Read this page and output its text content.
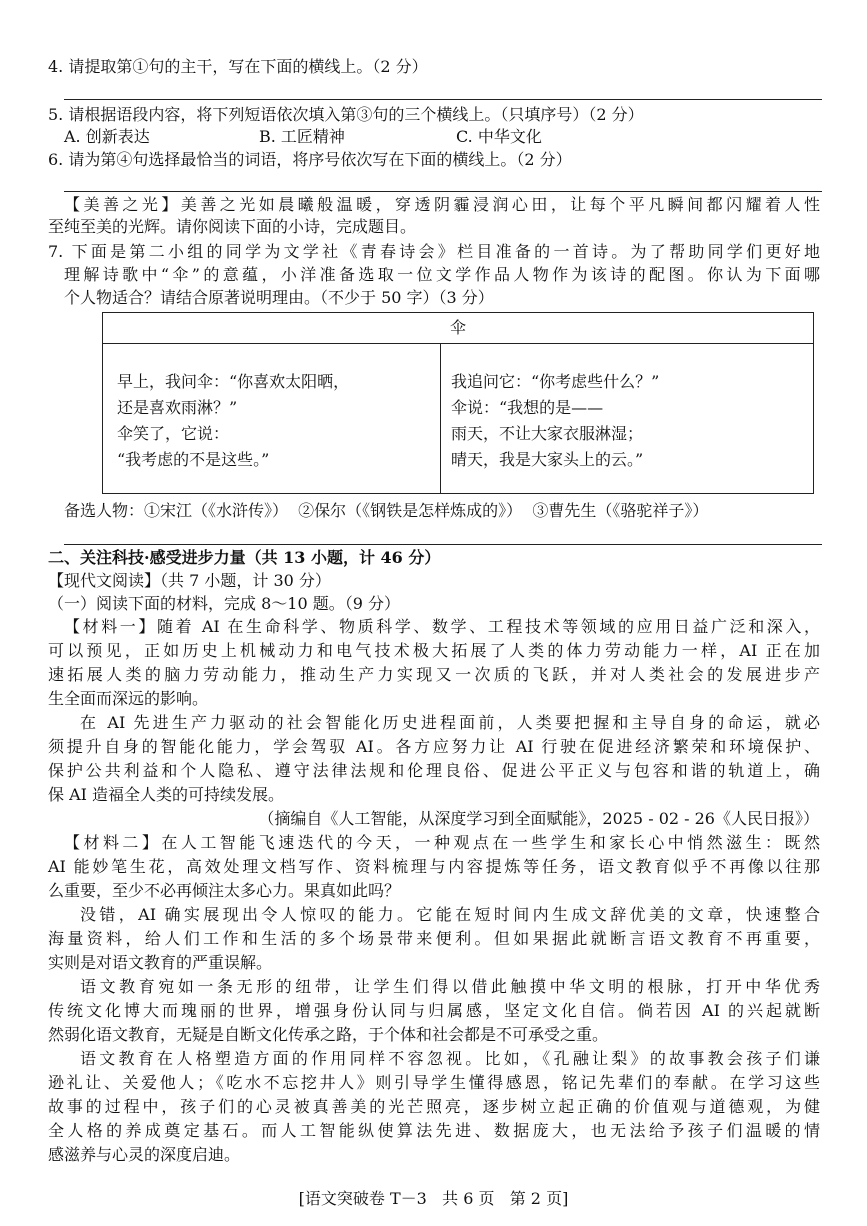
4. 请提取第①句的主干，写在下面的横线上。（2 分）
5. 请根据语段内容，将下列短语依次填入第③句的三个横线上。（只填序号）（2 分）
A. 创新表达	B. 工匠精神	C. 中华文化
6. 请为第④句选择最恰当的词语，将序号依次写在下面的横线上。（2 分）
【美善之光】美善之光如晨曦般温暖，穿透阴霾浸润心田，让每个平凡瞬间都闪耀着人性
至纯至美的光辉。请你阅读下面的小诗，完成题目。
7. 下面是第二小组的同学为文学社《青春诗会》栏目准备的一首诗。为了帮助同学们更好地
理解诗歌中“伞”的意蕴，小洋准备选取一位文学作品人物作为该诗的配图。你认为下面哪
个人物适合？请结合原著说明理由。（不少于 50 字）（3 分）
伞
早上，我问伞：“你喜欢太阳晒，
还是喜欢雨淋？”
伞笑了，它说：
“我考虑的不是这些。”
我追问它：“你考虑些什么？”
伞说：“我想的是——
雨天，不让大家衣服淋湿；
晴天，我是大家头上的云。”
备选人物：①宋江（《水浒传》）  ②保尔（《钢铁是怎样炼成的》）  ③曹先生（《骆驼祥子》）
二、关注科技·感受进步力量（共 13 小题，计 46 分）
【现代文阅读】（共 7 小题，计 30 分）
（一）阅读下面的材料，完成 8～10 题。（9 分）
【材料一】随着 AI 在生命科学、物质科学、数学、工程技术等领域的应用日益广泛和深入，
可以预见，正如历史上机械动力和电气技术极大拓展了人类的体力劳动能力一样，AI 正在加
速拓展人类的脑力劳动能力，推动生产力实现又一次质的飞跃，并对人类社会的发展进步产
生全面而深远的影响。
在 AI 先进生产力驱动的社会智能化历史进程面前，人类要把握和主导自身的命运，就必
须提升自身的智能化能力，学会驾驭 AI。各方应努力让 AI 行驶在促进经济繁荣和环境保护、
保护公共利益和个人隐私、遵守法律法规和伦理良俗、促进公平正义与包容和谐的轨道上，确
保 AI 造福全人类的可持续发展。
（摘编自《人工智能，从深度学习到全面赋能》，2025 - 02 - 26《人民日报》）
【材料二】在人工智能飞速迭代的今天，一种观点在一些学生和家长心中悄然滋生：既然
AI 能妙笔生花，高效处理文档写作、资料梳理与内容提炼等任务，语文教育似乎不再像以往那
么重要，至少不必再倾注太多心力。果真如此吗？
没错，AI 确实展现出令人惊叹的能力。它能在短时间内生成文辞优美的文章，快速整合
海量资料，给人们工作和生活的多个场景带来便利。但如果据此就断言语文教育不再重要，
实则是对语文教育的严重误解。
语文教育宛如一条无形的纽带，让学生们得以借此触摸中华文明的根脉，打开中华优秀
传统文化博大而瑰丽的世界，增强身份认同与归属感，坚定文化自信。倘若因 AI 的兴起就断
然弱化语文教育，无疑是自断文化传承之路，于个体和社会都是不可承受之重。
语文教育在人格塑造方面的作用同样不容忽视。比如，《孔融让梨》的故事教会孩子们谦
逊礼让、关爱他人；《吃水不忘挖井人》则引导学生懂得感恩，铭记先辈们的奉献。在学习这些
故事的过程中，孩子们的心灵被真善美的光芒照亮，逐步树立起正确的价值观与道德观，为健
全人格的养成奠定基石。而人工智能纵使算法先进、数据庞大，也无法给予孩子们温暖的情
感滋养与心灵的深度启迪。
[语文突破卷 T－3   共 6 页   第 2 页]
